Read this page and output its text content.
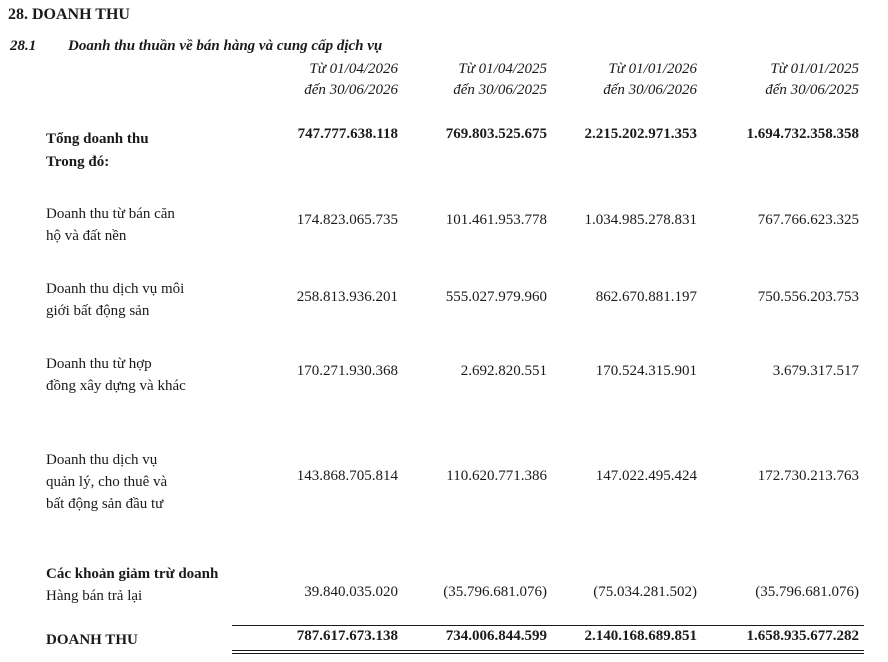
28. DOANH THU
28.1 Doanh thu thuần về bán hàng và cung cấp dịch vụ
Từ 01/04/2026
đến 30/06/2026
Từ 01/04/2025
đến 30/06/2025
Từ 01/01/2026
đến 30/06/2026
Từ 01/01/2025
đến 30/06/2025
Tổng doanh thu
Trong đó:
747.777.638.118	769.803.525.675	2.215.202.971.353	1.694.732.358.358
Doanh thu từ bán căn
hộ và đất nền
174.823.065.735	101.461.953.778	1.034.985.278.831	767.766.623.325
Doanh thu dịch vụ môi
giới bất động sản
258.813.936.201	555.027.979.960	862.670.881.197	750.556.203.753
Doanh thu từ hợp
đồng xây dựng và khác
170.271.930.368	2.692.820.551	170.524.315.901	3.679.317.517
Doanh thu dịch vụ
quản lý, cho thuê và
bất động sản đầu tư
143.868.705.814	110.620.771.386	147.022.495.424	172.730.213.763
Các khoản giảm trừ doanh
Hàng bán trả lại	39.840.035.020	(35.796.681.076)	(75.034.281.502)	(35.796.681.076)
DOANH THU	787.617.673.138	734.006.844.599	2.140.168.689.851	1.658.935.677.282
